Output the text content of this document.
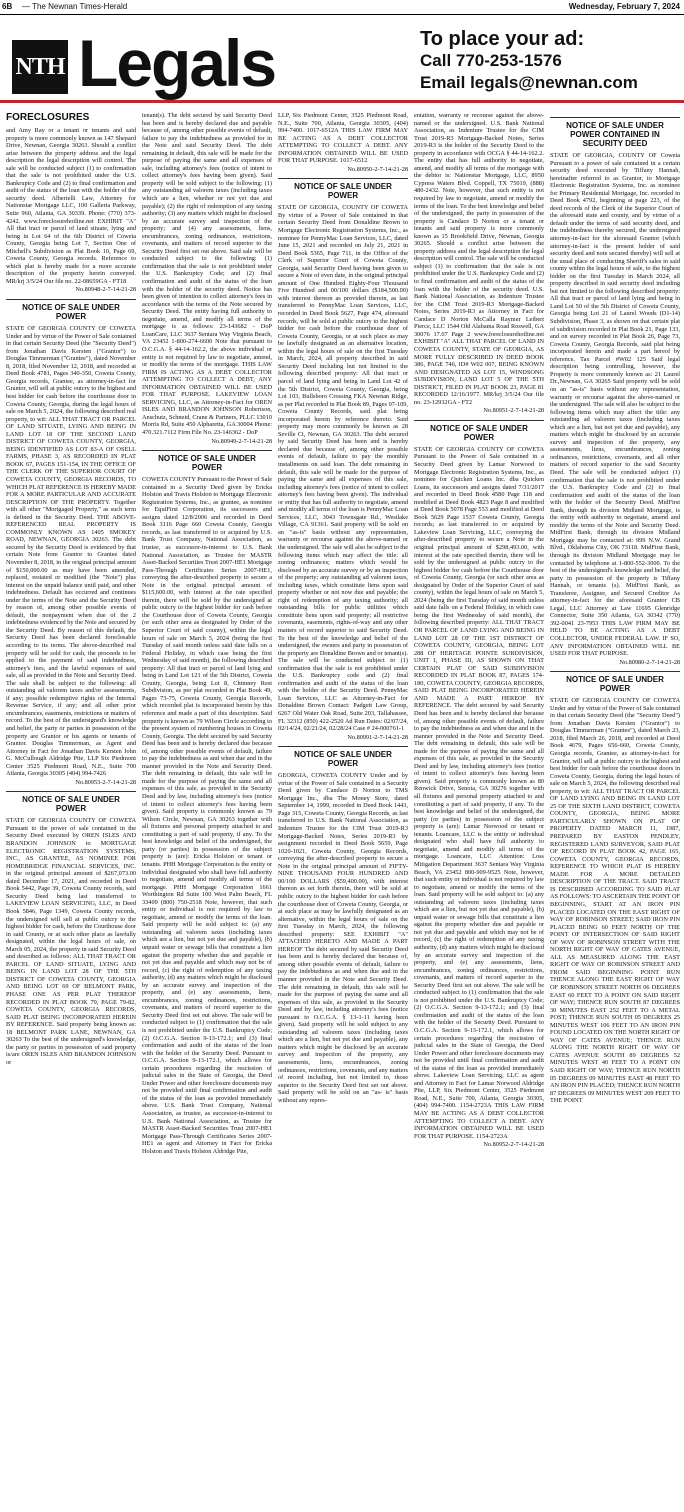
6B — The Newnan Times-Herald	Wednesday, February 7, 2024
NTH Legals	To place your ad:
Call 770-253-1576
Email legals@newnan.com
FORECLOSURES

and Amy Ray or a tenant or tenants and said property is more commonly known as 147 Shepard Drive, Newnan, Georgia 30263. Should a conflict arise between the property address and the legal description the legal description will control. The sale will be conducted subject (1) to confirmation that the sale is not prohibited under the U.S. Bankruptcy Code and (2) to final confirmation and audit of the status of the loan with the holder of the security deed. Albertelli Law, Attorney for Nationstar Mortgage LLC, 100 Galleria Parkway, Suite 960, Atlanta, GA 30339. Phone: (770) 373-4242. www.foreclosurehotline.net EXHIBIT "A" All that tract or parcel of land situate, lying and being in Lot 64 of the 6th District of Coweta County, Georgia being Lot 7, Section One of Mitchell's Subdivision as Plat Book 10, Page 69, Coweta County, Georgia records. Reference to which plat is hereby made for a more accurate description of the property herein conveyed. MR/krj 3/5/24 Our file no. 22-08659GA - FT18

No.80948-2-7-14-21-28
NOTICE OF SALE UNDER POWER

STATE OF GEORGIA COUNTY OF COWETA Under and by virtue of the Power of Sale contained in that certain Security Deed (the "Security Deed") from Jonathan Davis Kersten ("Grantor") to Douglas Timmerman ("Grantee"), dated November 8, 2018, filed November 12, 2018, and recorded at Deed Book 4781, Pages 340-350, Coweta County, Georgia records, Grantee, as attorney-in-fact for Grantor, will sell at public outcry to the highest and best bidder for cash before the courthouse door in Coweta County, Georgia, during the legal hours of sale on March 5, 2024, the following described real property, to wit: ALL THAT TRACT OR PARCEL OF LAND SITUATE, LYING AND BEING IN LAND LOT 18 OF THE SECOND LAND DISTRICT OF COWETA COUNTY, GEORGIA, BEING IDENTIFIED AS LOT 83-A OF OSELL FARMS, PHASE 3, AS RECORDED IN PLAT BOOK 67, PAGES 151-154, IN THE OFFICE OF THE CLERK OF THE SUPERIOR COURT OF COWETA COUNTY, GEORGIA RECORDS, TO WHICH PLAT REFERENCE IS HEREBY MADE FOR A MORE PARTICULAR AND ACCURATE DESCRIPTION OF THE PROPERTY. Together with all other "Mortgaged Property," as such term is defined in the Security Deed. THE ABOVE-REFERENCED REAL PROPERTY IS COMMONLY KNOWN AS 1405 SMOKEY ROAD, NEWNAN, GEORGIA 30263. The debt secured by the Security Deed is evidenced by that certain Note from Grantor to Grantee dated November 8, 2018, in the original principal amount of $150,000.00 as may have been amended, replaced, restated or modified (the "Note") plus interest on the unpaid balance until paid, and other indebtedness. Default has occurred and continues under the terms of the Note and the Security Deed by reason of, among other possible events of default, the nonpayment when due of the 2 indebtedness evidenced by the Note and secured by the Security Deed. By reason of this default, the Security Deed has been declared foreclosable according to its terms. The above-described real property will be sold for cash, the proceeds to be applied to the payment of said indebtedness, attorney's fees, and the lawful expenses of said sale, all as provided in the Note and Security Deed. The sale shall be subject to the following: all outstanding ad valorem taxes and/or assessments, if any; possible redemptive rights of the Internal Revenue Service, if any; and all other prior encumbrances, easements, restrictions or matters of record. To the best of the undersigned's knowledge and belief, the party or parties in possession of the property are Grantor or his agents or tenants of Grantor. Douglas Timmerman, as Agent and Attorney in Fact for Jonathan Davis Kersten John G. McCullough Aldridge Pite, LLP Six Piedmont Center 3525 Piedmont Road, N.E., Suite 700 Atlanta, Georgia 30305 (404) 994-7426

No.80953-2-7-14-21-28
NOTICE OF SALE UNDER POWER

STATE OF GEORGIA COUNTY OF COWETA Pursuant to the power of sale contained in the Security Deed executed by OREN ISLES AND BRANDON JOHNSON to MORTGAGE ELECTRONIC REGISTRATION SYSTEMS, INC., AS GRANTEE, AS NOMINEE FOR HOMEBRIDGE FINANCIAL SERVICES, INC. in the original principal amount of $267,073.00 dated December 17, 2021, and recorded in Deed Book 5442, Page 39, Coweta County records, said Security Deed being last transferred to LAKEVIEW LOAN SERVICING, LLC, in Deed Book 5846, Page 1349, Coweta County records, the undersigned will sell at public outcry to the highest bidder for cash, before the Courthouse door in said County, or at such other place as lawfully designated, within the legal hours of sale, on March 05, 2024, the property in said Security Deed and described as follows: ALL THAT TRACT OR PARCEL OF LAND SITUATE, LYING AND BEING IN LAND LOT 28 OF THE 5TH DISTRICT OF COWETA COUNTY, GEORGIA AND BEING LOT 69 OF BELMONT PARK, PHASE ONE AS PER PLAT THEREOF RECORDED IN PLAT BOOK 79, PAGE 79-82, COWETA COUNTY, GEORGIA RECORDS, SAID PLAT BEING INCORPORATED HEREIN BY REFERENCE. Said property being known as: 18 BELMONT PARK LANE, NEWNAN, GA 30263 To the best of the undersigned's knowledge, the party or parties in possession of said property is/are OREN ISLES AND BRANDON JOHNSON or

tenant(s). The debt secured by said Security Deed has been and is hereby declared due and payable because of, among other possible events of default, failure to pay the indebtedness as provided for in the Note and said Security Deed. The debt remaining in default, this sale will be made for the purpose of paying the same and all expenses of sale, including attorney's fees (notice of intent to collect attorney's fees having been given). Said property will be sold subject to the following: (1) any outstanding ad valorem taxes (including taxes which are a lien, whether or not yet due and payable); (2) the right of redemption of any taxing authority; (3) any matters which might be disclosed by an accurate survey and inspection of the property; and (4) any assessments, liens, encumbrances, zoning ordinances, restrictions, covenants, and matters of record superior to the Security Deed first set out above. Said sale will be conducted subject to the following: (1) confirmation that the sale is not prohibited under the U.S. Bankruptcy Code; and (2) final confirmation and audit of the status of the loan with the holder of the security deed. Notice has been given of intention to collect attorney's fees in accordance with the terms of the Note secured by Security Deed. The entity having full authority to negotiate, amend, and modify all terms of the mortgage is as follows: 23-143682 - DoP LoanCare, LLC 3637 Sentara Way Virginia Beach, VA 23452 1-800-274-6600 Note that pursuant to O.C.G.A. § 44-14-162.2, the above individual or entity is not required by law to negotiate, amend, or modify the terms of the mortgage. THIS LAW FIRM IS ACTING AS A DEBT COLLECTOR ATTEMPTING TO COLLECT A DEBT, ANY INFORMATION OBTAINED WILL BE USED FOR THAT PURPOSE. LAKEVIEW LOAN SERVICING, LLC, as Attorney-in-Fact for OREN ISLES AND BRANDON JOHNSON Robertson, Anschutz, Schneid, Crane & Partners, PLLC 13010 Morris Rd, Suite 450 Alpharetta, GA 30004 Phone: 470.321.7112 Firm File No. 23-146362 - DoP

No.80949-2-7-14-21-28
NOTICE OF SALE UNDER POWER

COWETA COUNTY Pursuant to the Power of Sale contained in a Security Deed given by Ericka Holston and Travis Holston to Mortgage Electronic Registration Systems, Inc., as grantee, as nominee for EquiFirst Corporation, its successors and assigns dated 12/8/2006 and recorded in Deed Book 3116 Page 660 Coweta County, Georgia records, as last transferred to or acquired by U.S. Bank Trust Company, National Association, as trustee, as successor-in-interest to U.S. Bank National Association, as Trustee for MASTR Asset-Backed Securities Trust 2007-HE1 Mortgage Pass-Through Certificates Series 2007-HE1, conveying the after-described property to secure a Note in the original principal amount of $115,600.00, with interest at the rate specified therein, there will be sold by the undersigned at public outcry to the highest bidder for cash before the Courthouse door of Coweta County, Georgia (or such other area as designated by Order of the Superior Court of said county), within the legal hours of sale on March 5, 2024 (being the first Tuesday of said month unless said date falls on a Federal Holiday, in which case being the first Wednesday of said month), the following described property: All that tract or parcel of land lying and being in Land Lot 121 of the 5th District, Coweta County, Georgia, being Lot 8, Chimney Rest Subdivision, as per plat recorded in Plat Book 49, Pages 73-75, Coweta County, Georgia Records, which recorded plat is incorporated herein by this reference and made a part of this description. Said property is known as 79 Wilson Circle according to the present system of numbering houses in Coweta County, Georgia. The debt secured by said Security Deed has been and is hereby declared due because of, among other possible events of default, failure to pay the indebtedness as and when due and in the manner provided in the Note and Security Deed. The debt remaining in default, this sale will be made for the purpose of paying the same and all expenses of this sale, as provided in the Security Deed and by law, including attorney's fees (notice of intent to collect attorney's fees having been given). Said property is commonly known as 79 Wilson Circle, Newnan, GA 30263 together with all fixtures and personal property attached to and constituting a part of said property, if any. To the best knowledge and belief of the undersigned, the party (or parties) in possession of the subject property is (are): Ericka Holston or tenant or tenants. PHH Mortgage Corporation is the entity or individual designated who shall have full authority to negotiate, amend and modify all terms of the mortgage. PHH Mortgage Corporation 1661 Worthington Rd Suite 100 West Palm Beach, FL 33409 (800) 750-2518 Note, however, that such entity or individual is not required by law to negotiate, amend or modify the terms of the loan. Said property will be sold subject to: (a) any outstanding ad valorem taxes (including taxes which are a lien, but not yet due and payable), (b) unpaid water or sewage bills that constitute a lien against the property whether due and payable or not yet due and payable and which may not be of record, (c) the right of redemption of any taxing authority, (d) any matters which might be disclosed by an accurate survey and inspection of the property, and (e) any assessments, liens, encumbrances, zoning ordinances, restrictions, covenants, and matters of record superior to the Security Deed first set out above. The sale will be conducted subject to (1) confirmation that the sale is not prohibited under the U.S. Bankruptcy Code; (2) O.C.G.A. Section 9-13-172.1; and (3) final confirmation and audit of the status of the loan with the holder of the Security Deed. Pursuant to O.C.G.A. Section 9-13-172.1, which allows for certain procedures regarding the rescission of judicial sales in the State of Georgia, the Deed Under Power and other foreclosure documents may not be provided until final confirmation and audit of the status of the loan as provided immediately above. U.S. Bank Trust Company, National Association, as trustee, as successor-in-interest to U.S. Bank National Association, as Trustee for MASTR Asset-Backed Securities Trust 2007-HE1 Mortgage Pass-Through Certificates Series 2007-HE1 as agent and Attorney in Fact for Ericka Holston and Travis Holston Aldridge Pite,

LLP, Six Piedmont Center, 3525 Piedmont Road, N.E., Suite 700, Atlanta, Georgia 30305, (404) 994-7400. 1017-6512A THIS LAW FIRM MAY BE ACTING AS A DEBT COLLECTOR ATTEMPTING TO COLLECT A DEBT. ANY INFORMATION OBTAINED WILL BE USED FOR THAT PURPOSE. 1017-6512

No.80950-2-7-14-21-28
NOTICE OF SALE UNDER POWER

STATE OF GEORGIA, COUNTY OF COWETA By virtue of a Power of Sale contained in that certain Security Deed from Donaldine Brown to Mortgage Electronic Registration Systems, Inc., as nominee for PennyMac Loan Services, LLC, dated June 15, 2021 and recorded on July 21, 2021 in Deed Book 5365, Page 711, in the Office of the Clerk of Superior Court of Coweta County, Georgia, said Security Deed having been given to secure a Note of even date, in the original principal amount of One Hundred Eighty-Four Thousand Five Hundred and 00/100 dollars ($184,500.00) with interest thereon as provided therein, as last transferred to PennyMac Loan Services, LLC, recorded in Deed Book 5627, Page 474, aforesaid records, will be sold at public outcry to the highest bidder for cash before the courthouse door of Coweta County, Georgia, or at such place as may be lawfully designated as an alternative location, within the legal hours of sale on the first Tuesday in March, 2024, all property described in said Security Deed including but not limited to the following described property: All that tract or parcel of land lying and being in Land Lot 42 of the 5th District, Coweta County, Georgia, being Lot 103, Bullsboro Crossing FKA Newnan Ridge, as per Plat recorded in Plat Book 89, Pages 97-109, Coweta County Records, said plat being incorporated herein by reference thereto. Said property may more commonly be known as 28 Seville Ct, Newnan, GA 30263. The debt secured by said Security Deed has been and is hereby declared due because of, among other possible events of default, failure to pay the monthly installments on said loan. The debt remaining in default, this sale will be made for the purpose of paying the same and all expenses of this sale, including attorney's fees (notice of intent to collect attorney's fees having been given). The individual or entity that has full authority to negotiate, amend and modify all terms of the loan is PennyMac Loan Services, LLC, 3043 Townsgate Rd., Westlake Village, CA 91361. Said property will be sold on an "as-is" basis without any representation, warranty or recourse against the above-named or the undersigned. The sale will also be subject to the following items which may affect the title: all zoning ordinances; matters which would be disclosed by an accurate survey or by an inspection of the property; any outstanding ad valorem taxes, including taxes, which constitute liens upon said property whether or not now due and payable; the right of redemption of any taxing authority; all outstanding bills for public utilities which constitute liens upon said property; all restrictive covenants, easements, rights-of-way and any other matters of record superior to said Security Deed. To the best of the knowledge and belief of the undersigned, the owners and party in possession of the property are Donaldine Brown and or tenant(s). The sale will be conducted subject to (1) confirmation that the sale is not prohibited under the U.S. Bankruptcy code and (2) final confirmation and audit of the status of the loan with the holder of the Security Deed. PennyMac Loan Services, LLC as Attorney-in-Fact for Donaldine Brown Contact: Padgett Law Group, 6267 Old Water Oak Road, Suite 203, Tallahassee, FL 32312 (850) 422-2520 Ad Run Dates: 02/07/24, 02/14/24, 02/21/24, 02/28/24 Case # 24-000761-1

No.80991-2-7-14-21-28
NOTICE OF SALE UNDER POWER

GEORGIA, COWETA COUNTY Under and by virtue of the Power of Sale contained in a Security Deed given by Candace D Norton to TMS Mortgage Inc., dba The Money Store, dated September 14, 1999, recorded in Deed Book 1443, Page 315, Coweta County, Georgia Records, as last transferred to U.S. Bank National Association, as Indenture Trustee for the CIM Trust 2019-R3 Mortgage-Backed Notes, Series 2019-R3 by assignment recorded in Deed Book 5659, Page 1020-1021, Coweta County, Georgia Records, conveying the after-described property to secure a Note in the original principal amount of FIFTY-NINE THOUSAND FOUR HUNDRED AND 00/100 DOLLARS ($59,400.00), with interest thereon as set forth therein, there will be sold at public outcry to the highest bidder for cash before the courthouse door of Coweta County, Georgia, or at such place as may be lawfully designated as an alternative, within the legal hours of sale on the first Tuesday in March, 2024, the following described property: SEE EXHIBIT "A" ATTACHED HERETO AND MADE A PART HEREOF The debt secured by said Security Deed has been and is hereby declared due because of, among other possible events of default, failure to pay the indebtedness as and when due and in the manner provided in the Note and Security Deed. The debt remaining in default, this sale will be made for the purpose of paying the same and all expenses of this sale, as provided in the Security Deed and by law, including attorney's fees (notice pursuant to O.C.G.A. § 13-1-11 having been given). Said property will be sold subject to any outstanding ad valorem taxes (including taxes which are a lien, but not yet due and payable), any matters which might be disclosed by an accurate survey and inspection of the property, any assessments, liens, encumbrances, zoning ordinances, restrictions, covenants, and any matters of record including, but not limited to, those superior to the Security Deed first set out above. Said property will be sold on an "as- is" basis without any repres-

entation, warranty or recourse against the above-named or the undersigned. U.S. Bank National Association, as Indenture Trustee for the CIM Trust 2019-R3 Mortgage-Backed Notes, Series 2019-R3 is the holder of the Security Deed to the property in accordance with OCGA § 44-14-162.2. The entity that has full authority to negotiate, amend, and modify all terms of the mortgage with the debtor is: Nationstar Mortgage, LLC, 8950 Cypress Waters Blvd. Coppell, TX 75019, (888) 480-2432. Note, however, that such entity is not required by law to negotiate, amend or modify the terms of the loan. To the best knowledge and belief of the undersigned, the party in possession of the property is Candace D Norton or a tenant or tenants and said property is more commonly known as 15 Brookfield Drive, Newnan, Georgia 30265. Should a conflict arise between the property address and the legal description the legal description will control. The sale will be conducted subject (1) to confirmation that the sale is not prohibited under the U.S. Bankruptcy Code and (2) to final confirmation and audit of the status of the loan with the holder of the security deed. U.S. Bank National Association, as Indenture Trustee for the CIM Trust 2019-R3 Mortgage-Backed Notes, Series 2019-R3 as Attorney in Fact for Candace D Norton McCalla Raymer Leibert Pierce, LLC 1544 Old Alabama Road Roswell, GA 30076 17.07 Page 2 www.foreclosurehotline.net EXHIBIT "A" ALL THAT PARCEL OF LAND IN COWETA COUNTY, STATE OF GEORGIA, AS MORE FULLY DESCRIBED IN DEED BOOK 386, PAGE 746, ID# W02 007, BEING KNOWN AND DESIGNATED AS LOT 15, WINDSONG SUBDIVISION, LAND LOT 5 OF THE 5TH DISTRICT, FILED IN PLAT BOOK 23, PAGE 81 RECORDED 12/16/1977. MR/krj 3/5/24 Our file no. 23-12932GA - FT2

No.80951-2-7-14-21-28
NOTICE OF SALE UNDER POWER

STATE OF GEORGIA COUNTY OF COWETA Pursuant to the Power of Sale contained in a Security Deed given by Lamar Norwood to Mortgage Electronic Registration Systems, Inc., as nominee for Quicken Loans Inc. dba Quicken Loans, its successors and assigns dated 7/31/2017 and recorded in Deed Book 4580 Page 118 and modified at Deed Book 4823 Page 8 and modified at Deed Book 5078 Page 553 and modified at Deed Book 5629 Page 1537 Coweta County, Georgia records; as last transferred to or acquired by Lakeview Loan Servicing, LLC, conveying the after-described property to secure a Note in the original principal amount of $298,493.00, with interest at the rate specified therein, there will be sold by the undersigned at public outcry to the highest bidder for cash before the Courthouse door of Coweta County, Georgia (or such other area as designated by Order of the Superior Court of said county), within the legal hours of sale on March 5, 2024 (being the first Tuesday of said month unless said date falls on a Federal Holiday, in which case being the first Wednesday of said month), the following described property: ALL THAT TRACT OR PARCEL OF LAND LYING AND BEING IN LAND LOT 28 OF THE 1ST DISTRICT OF COWETA COUNTY, GEORGIA, BEING LOT 288 OF HERITAGE POINTE SUBDIVISION, UNIT 1, PHASE III, AS SHOWN ON THAT CERTAIN PLAT OF SAID SUBDIVISION RECORDED IN PLAT BOOK 87, PAGES 174-180, COWETA COUNTY, GEORGIA RECORDS, SAID PLAT BEING INCORPORATED HEREIN AND MADE A PART HEREOF BY REFERENCE. The debt secured by said Security Deed has been and is hereby declared due because of, among other possible events of default, failure to pay the indebtedness as and when due and in the manner provided in the Note and Security Deed. The debt remaining in default, this sale will be made for the purpose of paying the same and all expenses of this sale, as provided in the Security Deed and by law, including attorney's fees (notice of intent to collect attorney's fees having been given). Said property is commonly known as 80 Renwick Drive, Senoia, GA 30276 together with all fixtures and personal property attached to and constituting a part of said property, if any. To the best knowledge and belief of the undersigned, the party (or parties) in possession of the subject property is (are): Lamar Norwood or tenant or tenants. Loancare, LLC is the entity or individual designated who shall have full authority to negotiate, amend and modify all terms of the mortgage. Loancare, LLC Attention: Loss Mitigation Department 3637 Sentara Way Virginia Beach, VA 23452 800-909-9525 Note, however, that such entity or individual is not required by law to negotiate, amend or modify the terms of the loan. Said property will be sold subject to: (a) any outstanding ad valorem taxes (including taxes which are a lien, but not yet due and payable), (b) unpaid water or sewage bills that constitute a lien against the property whether due and payable or not yet due and payable and which may not be of record, (c) the right of redemption of any taxing authority, (d) any matters which might be disclosed by an accurate survey and inspection of the property, and (e) any assessments, liens, encumbrances, zoning ordinances, restrictions, covenants, and matters of record superior to the Security Deed first set out above. The sale will be conducted subject to (1) confirmation that the sale is not prohibited under the U.S. Bankruptcy Code; (2) O.C.G.A. Section 9-13-172.1; and (3) final confirmation and audit of the status of the loan with the holder of the Security Deed. Pursuant to O.C.G.A. Section 9-13-172.1, which allows for certain procedures regarding the rescission of judicial sales in the State of Georgia, the Deed Under Power and other foreclosure documents may not be provided until final confirmation and audit of the status of the loan as provided immediately above. Lakeview Loan Servicing, LLC as agent and Attorney in Fact for Lamar Norwood Aldridge Pite, LLP, Six Piedmont Center, 3525 Piedmont Road, N.E., Suite 700, Atlanta, Georgia 30305, (404) 994-7400. 1154-2723A THIS LAW FIRM MAY BE ACTING AS A DEBT COLLECTOR ATTEMPTING TO COLLECT A DEBT. ANY INFORMATION OBTAINED WILL BE USED FOR THAT PURPOSE. 1154-2723A

No.80952-2-7-14-21-28
NOTICE OF SALE UNDER POWER CONTAINED IN SECURITY DEED

STATE OF GEORGIA, COUNTY OF Coweta Pursuant to a power of sale contained in a certain security deed executed by Tiffany Hannah, hereinafter referred to as Grantor, to Mortgage Electronic Registration Systems, Inc. as nominee for Primary Residential Mortgage, Inc. recorded in Deed Book 4792, beginning at page 223, of the deed records of the Clerk of the Superior Court of the aforesaid state and county, and by virtue of a default under the terms of said security deed, and the indebtedness thereby secured, the undersigned attorney-in-fact for the aforesaid Grantor (which attorney-in-fact is the present holder of said security deed and note secured thereby) will sell at the usual place of conducting Sheriff's sales in said county within the legal hours of sale, to the highest bidder on the first Tuesday in March 2024, all property described in said security deed including but not limited to the following described property: All that tract or parcel of land lying and being in Land Lot 50 of the 5th District of Coweta County, Georgia being Lot 21 of Laurel Woods (D1-14) Subdivision, Phase 3, as shown on that certain plat of subdivision recorded in Plat Book 21, Page 133, and on survey recorded in Plat Book 26, Page 73, Coweta County, Georgia Records, said plat being incorporated herein and made a part hereof by reference. Tax Parcel #W02 125 Said legal description being controlling, however, the Property is more commonly known as: 21 Laurel Dr.,Newnan, GA 30265 Said property will be sold on an "as-is" basis without any representation, warranty or recourse against the above-named or the undersigned. The sale will also be subject to the following items which may affect the title: any outstanding ad valorem taxes (including taxes which are a lien, but not yet due and payable), any matters which might be disclosed by an accurate survey and inspection of the property, any assessments, liens, encumbrances, zoning ordinances, restrictions, covenants, and all other matters of record superior to the said Security Deed. The sale will be conducted subject (1) confirmation that the sale is not prohibited under the U.S. Bankruptcy Code and (2) to final confirmation and audit of the status of the loan with the holder of the Security Deed. MidFirst Bank, through its division Midland Mortgage, is the entity with authority to negotiate, amend and modify the terms of the Note and Security Deed. MidFirst Bank, through its division Midland Mortgage may be contacted at: 999 N.W. Grand Blvd., Oklahoma City, OK 73118. MidFirst Bank, through its division Midland Mortgage may be contacted by telephone at 1-800-552-3000. To the best of the undersigned's knowledge and belief, the party in possession of the property is Tiffany Hannah, or tenants (s). MidFirst Bank, as Transferee, Assignee, and Secured Creditor As attorney-in-fact for the aforesaid Grantor CB Legal, LLC Attorney at Law 11695 Glenridge Connector, Suite 350 Atlanta, GA 30342 (770) 392-0041 23-7953 THIS LAW FIRM MAY BE HELD TO BE ACTING AS A DEBT COLLECTOR, UNDER FEDERAL LAW. IF SO, ANY INFORMATION OBTAINED WILL BE USED FOR THAT PURPOSE.

No.80980-2-7-14-21-28
NOTICE OF SALE UNDER POWER

STATE OF GEORGIA COUNTY OF COWETA Under and by virtue of the Power of Sale contained in that certain Security Deed (the "Security Deed") from Jonathan Davis Kersten ("Grantor") to Douglas Timmerman ("Grantee"), dated March 23, 2018, filed March 26, 2018, and recorded at Deed Book 4679, Pages 656-660, Coweta County, Georgia records, Grantee, as attorney-in-fact for Grantor, will sell at public outcry to the highest and best bidder for cash before the courthouse doors in Coweta County, Georgia, during the legal hours of sale on March 5, 2024, the following described real property, to wit: ALL THAT TRACT OR PARCEL OF LAND LYING AND BEING IN LAND LOT 25 OF THE SIXTH LAND DISTRICT, COWETA COUNTY, GEORGIA, BEING MORE PARTICULARLY SHOWN ON PLAT OF PROPERTY DATED MARCH 11, 1987, PREPARED BY EASTON PENDLEY, REGISTERED LAND SURVEYOR, SAID PLAT OF RECORD IN PLAT BOOK 42, PAGE 165, COWETA COUNTY, GEORGIA RECORDS, REFERENCE TO WHICH PLAT IS HEREBY MADE FOR A MORE DETAILED DESCRIPTION OF THE TRACT. SAID TRACT IS DESCRIBED ACCORDING TO SAID PLAT AS FOLLOWS: TO ASCERTAIN THE POINT OF BEGINNING, START AT AN IRON PIN PLACED LOCATED ON THE EAST RIGHT OF WAY OF ROBINSON STREET; SAID IRON PIN PLACED BEING 60 FEET NORTH OF THE POINT OF INTERSECTION OF SAID RIGHT OF WAY OF ROBINSON STREET WITH THE NORTH RIGHT OF WAY OF CATES AVENUE, ALL AS MEASURED ALONG THE EAST RIGHT OF WAY OF ROBINSON STREET AND FROM SAID BEGINNING POINT RUN THENCE ALONG THE EAST RIGHT OF WAY OF ROBINSON STREET NORTH 06 DEGREES EAST 60 FEET TO A POINT ON SAID RIGHT OF WAY; THENCE RUN SOUTH 87 DEGREES 30 MINUTES EAST 252 FEET TO A METAL POST; THENCE RUN SOUTH 05 DEGREES 25 MINUTES WEST 106 FEET TO AN IRON PIN FOUND LOCATED ON THE NORTH RIGHT OF WAY OF CATES AVENUE; THENCE RUN ALONG THE NORTH RIGHT OF WAY OF CATES AVENUE SOUTH 89 DEGREES 52 MINUTES WEST 40 FEET TO A POINT ON SAID RIGHT OF WAY; THENCE RUN NORTH 05 DEGREES 09 MINUTES EAST 48 FEET TO AN IRON PIN PLACED; THENCE RUN NORTH 87 DEGREES 09 MINUTES WEST 209 FEET TO THE POINT
